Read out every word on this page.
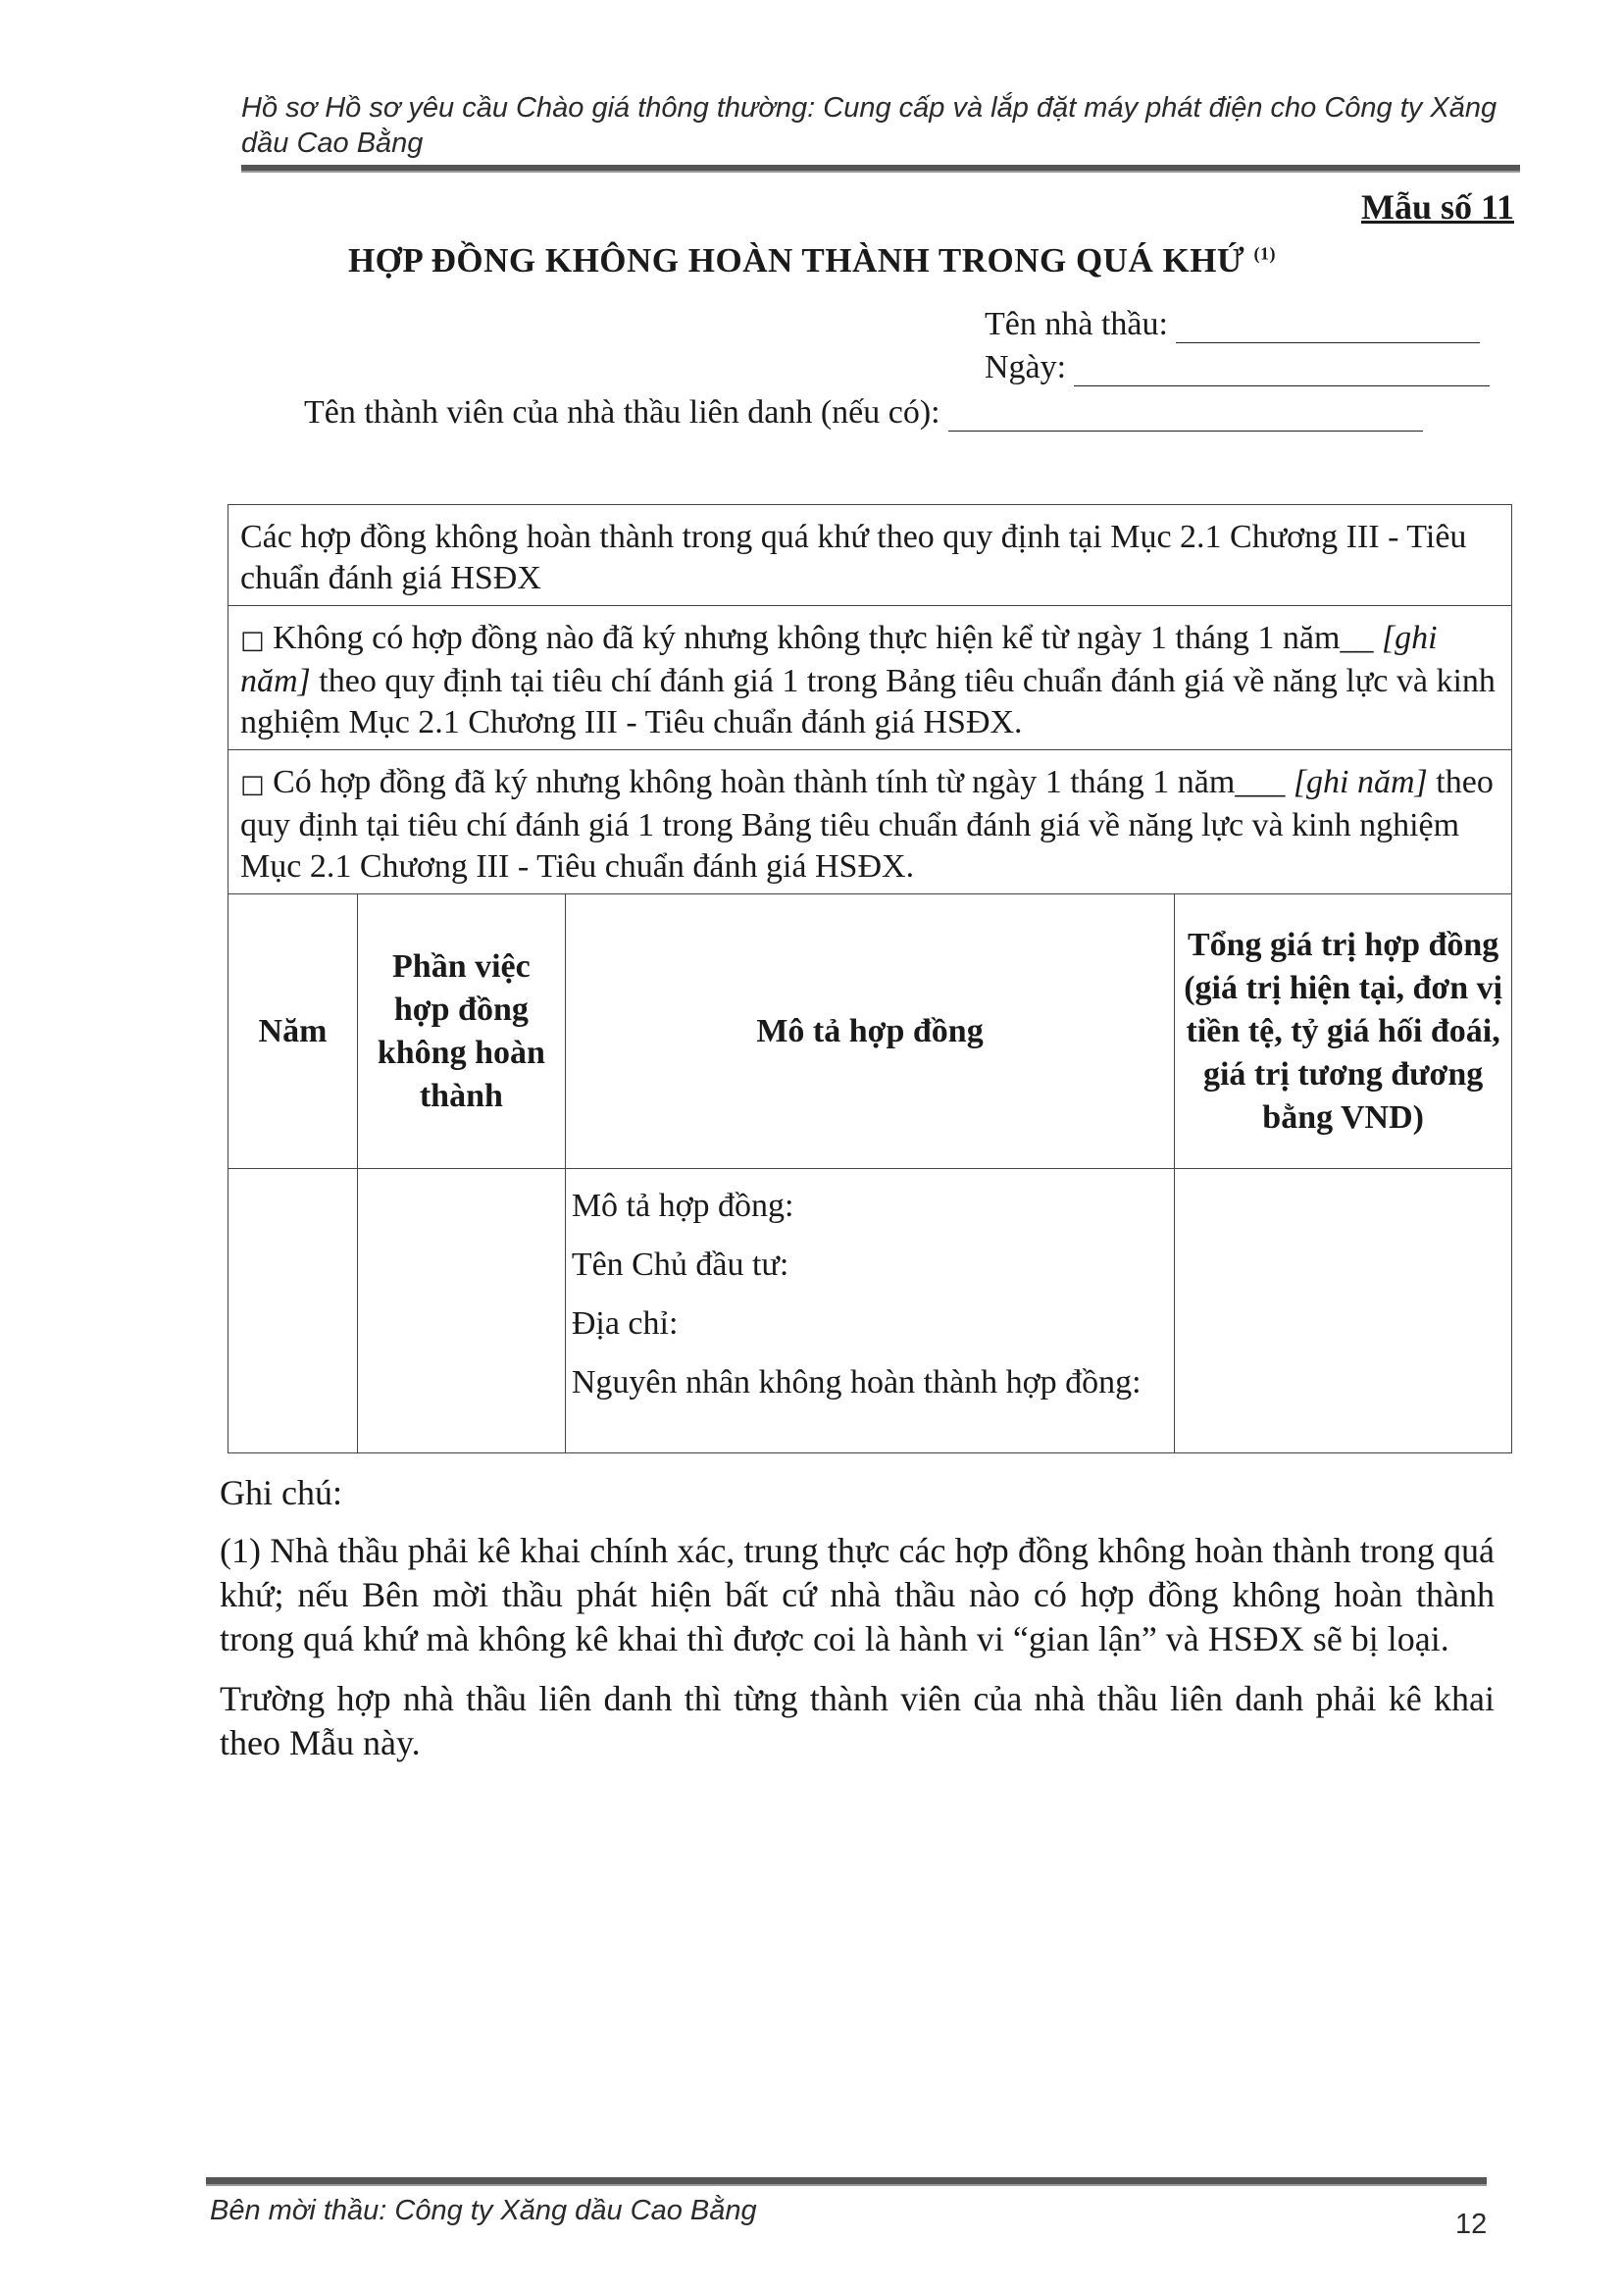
Hồ sơ Hồ sơ yêu cầu Chào giá thông thường: Cung cấp và lắp đặt máy phát điện cho Công ty Xăng dầu Cao Bằng
Mẫu số 11
HỢP ĐỒNG KHÔNG HOÀN THÀNH TRONG QUÁ KHỨ $^{(1)}$
Tên nhà thầu:
Ngày:
Tên thành viên của nhà thầu liên danh (nếu có):
Các hợp đồng không hoàn thành trong quá khứ theo quy định tại Mục 2.1 Chương III - Tiêu chuẩn đánh giá HSĐX			
□ Không có hợp đồng nào đã ký nhưng không thực hiện kể từ ngày 1 tháng 1 năm__ [ghi năm] theo quy định tại tiêu chí đánh giá 1 trong Bảng tiêu chuẩn đánh giá về năng lực và kinh nghiệm Mục 2.1 Chương III - Tiêu chuẩn đánh giá HSĐX.			
□ Có hợp đồng đã ký nhưng không hoàn thành tính từ ngày 1 tháng 1 năm___ [ghi năm] theo quy định tại tiêu chí đánh giá 1 trong Bảng tiêu chuẩn đánh giá về năng lực và kinh nghiệm Mục 2.1 Chương III - Tiêu chuẩn đánh giá HSĐX.			
Năm	Phần việc hợp đồng không hoàn thành	Mô tả hợp đồng	Tổng giá trị hợp đồng (giá trị hiện tại, đơn vị tiền tệ, tỷ giá hối đoái, giá trị tương đương bằng VND)

		Mô tả hợp đồng:
Tên Chủ đầu tư:
Địa chỉ:
Nguyên nhân không hoàn thành hợp đồng:	

Ghi chú:

(1) Nhà thầu phải kê khai chính xác, trung thực các hợp đồng không hoàn thành trong quá khứ; nếu Bên mời thầu phát hiện bất cứ nhà thầu nào có hợp đồng không hoàn thành trong quá khứ mà không kê khai thì được coi là hành vi “gian lận” và HSĐX sẽ bị loại.

Trường hợp nhà thầu liên danh thì từng thành viên của nhà thầu liên danh phải kê khai theo Mẫu này.

Bên mời thầu: Công ty Xăng dầu Cao Bằng	12
